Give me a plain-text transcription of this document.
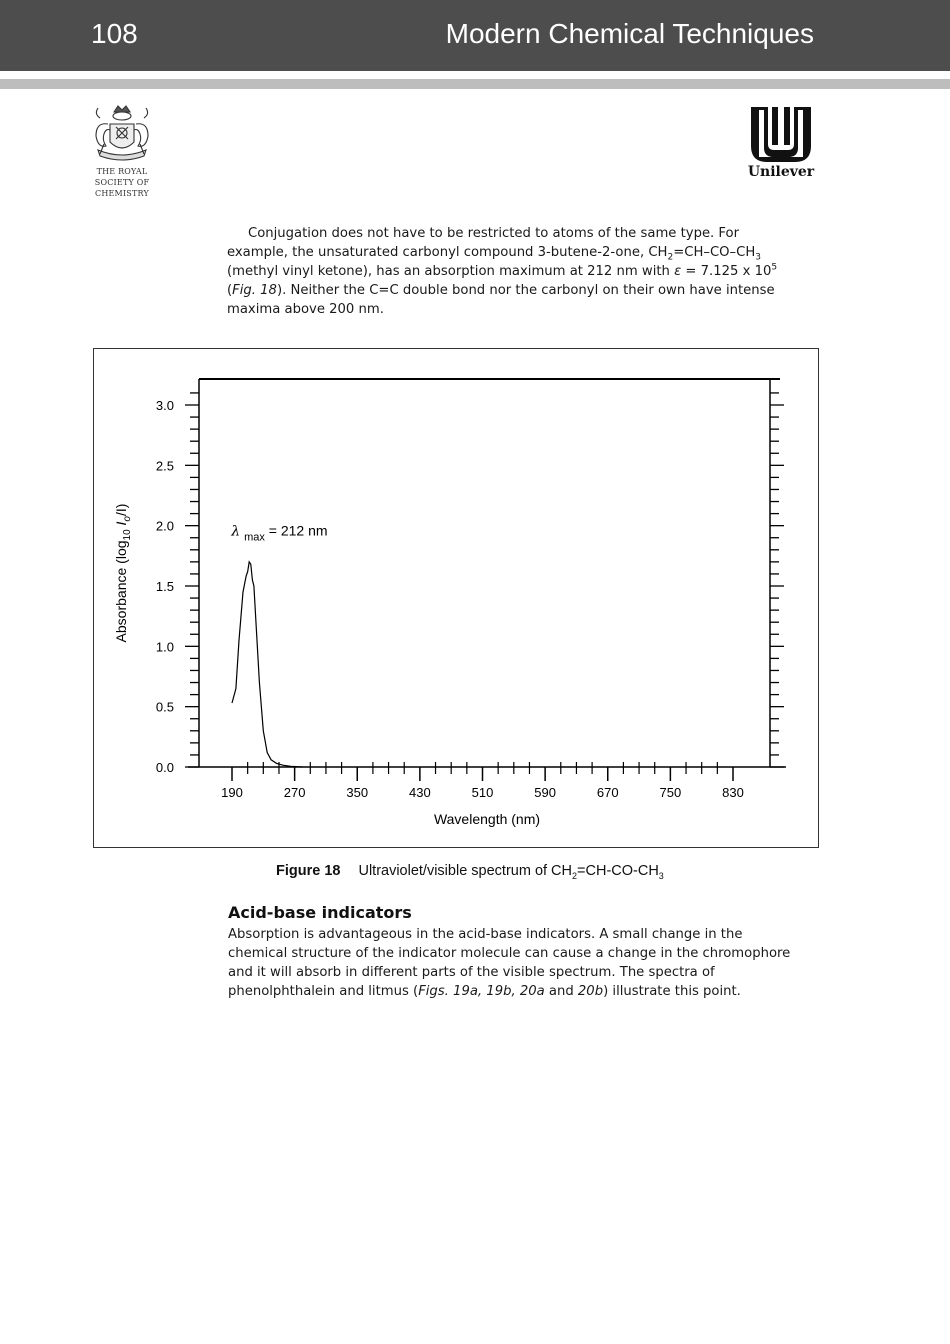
108	Modern Chemical Techniques
THE ROYAL
SOCIETY OF
CHEMISTRY
Unilever
Conjugation does not have to be restricted to atoms of the same type. For
example, the unsaturated carbonyl compound 3-butene-2-one, $CH_2=CH-CO-CH_3$
(methyl vinyl ketone), has an absorption maximum at 212 nm with ε = 7.125 x $10^5$
(Fig. 18). Neither the C=C double bond nor the carbonyl on their own have intense
maxima above 200 nm.
0.0
0.5
1.0
1.5
2.0
2.5
3.0
190	270	350	430	510	590	670	750	830
Wavelength (nm)
Absorbance ($\log_{10}$ $I_o/I$)
λ $_{max}$ = 212 nm
Figure 18 Ultraviolet/visible spectrum of $CH_2=CH-CO-CH_3$
Acid-base indicators
Absorption is advantageous in the acid-base indicators. A small change in the
chemical structure of the indicator molecule can cause a change in the chromophore
and it will absorb in different parts of the visible spectrum. The spectra of
phenolphthalein and litmus (Figs. 19a, 19b, 20a and 20b) illustrate this point.
